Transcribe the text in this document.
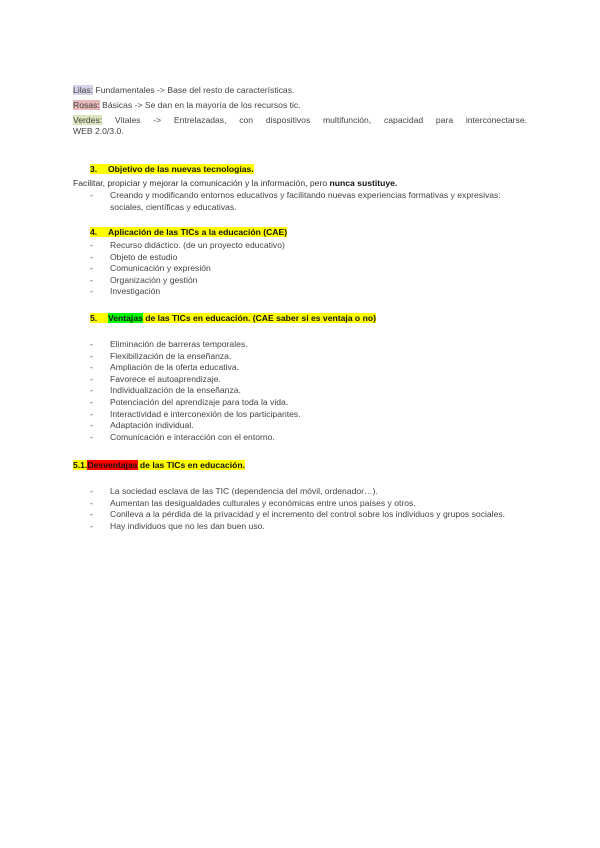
Lilas: Fundamentales -> Base del resto de características.
Rosas: Básicas -> Se dan en la mayoría de los recursos tic.
Verdes: Vitales -> Entrelazadas, con dispositivos multifunción, capacidad para interconectarse.
WEB 2.0/3.0.
3. Objetivo de las nuevas tecnologías.
Facilitar, propiciar y mejorar la comunicación y la información, pero nunca sustituye.
- Creando y modificando entornos educativos y facilitando nuevas experiencias formativas y expresivas: sociales, científicas y educativas.
4. Aplicación de las TICs a la educación (CAE)
- Recurso didáctico. (de un proyecto educativo)
- Objeto de estudio
- Comunicación y expresión
- Organización y gestión
- Investigación
5. Ventajas de las TICs en educación. (CAE saber si es ventaja o no)
- Eliminación de barreras temporales.
- Flexibilización de la enseñanza.
- Ampliación de la oferta educativa.
- Favorece el autoaprendizaje.
- Individualización de la enseñanza.
- Potenciación del aprendizaje para toda la vida.
- Interactividad e interconexión de los participantes.
- Adaptación individual.
- Comunicación e interacción con el entorno.
5.1.Desventajas de las TICs en educación.
- La sociedad esclava de las TIC (dependencia del móvil, ordenador…).
- Aumentan las desigualdades culturales y económicas entre unos países y otros.
- Conlleva a la pérdida de la privacidad y el incremento del control sobre los individuos y grupos sociales.
- Hay individuos que no les dan buen uso.
